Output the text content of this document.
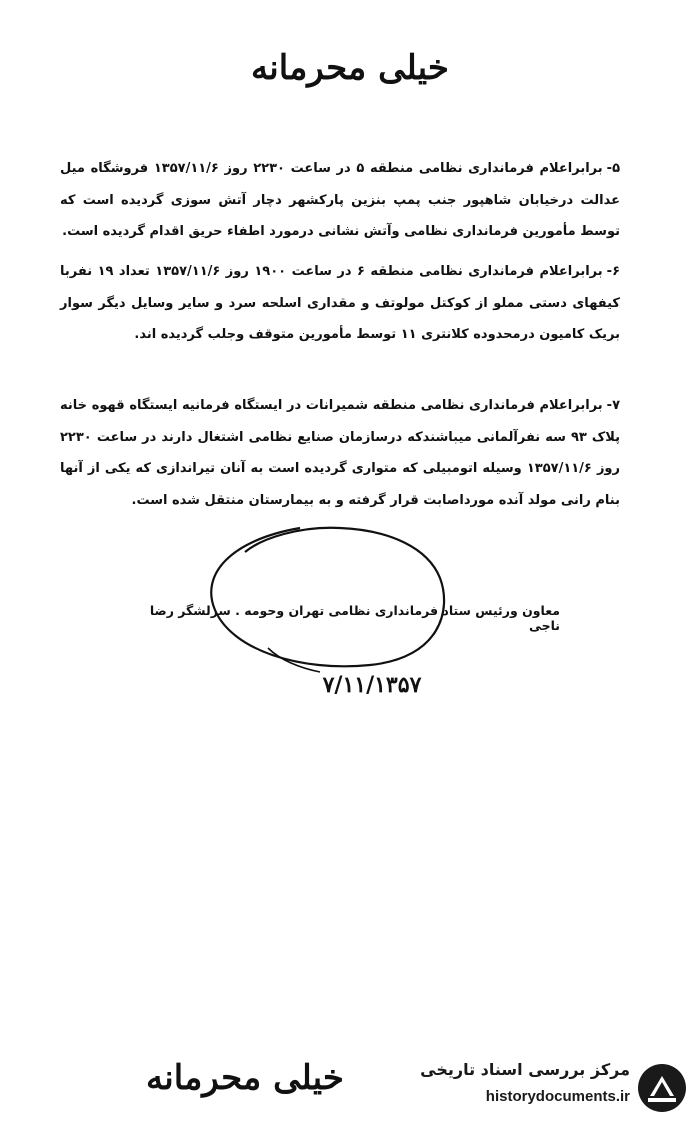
خیلی محرمانه
۵-برابراعلام فرمانداری نظامی منطقه ۵ در ساعت ۲۲۳۰ روز ۱۳۵۷/۱۱/۶ فروشگاه میل عدالت درخیابان شاهپور جنب پمپ بنزین پارکشهر دچار آتش سوزی گردیده است که توسط مأمورین فرمانداری نظامی وآتش نشانی درمورد اطفاء حریق اقدام گردیده است.
۶-برابراعلام فرمانداری نظامی منطقه ۶ در ساعت ۱۹۰۰ روز ۱۳۵۷/۱۱/۶ تعداد ۱۹ نفربا کیفهای دستی مملو از کوکتل مولوتف و مقداری اسلحه سرد و سایر وسایل دیگر سوار بریک کامیون درمحدوده کلانتری ۱۱ توسط مأمورین متوقف وجلب گردیده اند.
۷-برابراعلام فرمانداری نظامی منطقه شمیرانات در ایستگاه فرمانیه ایستگاه قهوه خانه پلاک ۹۳ سه نفرآلمانی میباشندکه درسازمان صنایع نظامی اشتغال دارند در ساعت ۲۲۳۰ روز ۱۳۵۷/۱۱/۶ وسیله اتومبیلی که متواری گردیده است به آنان تیراندازی که یکی از آنها بنام رانی مولد آنده مورداصابت قرار گرفته و به بیمارستان منتقل شده است.
معاون ورئیس ستاد فرمانداری نظامی تهران وحومه . سرلشگر رضا ناجی
۷/۱۱/۱۳۵۷
خیلی محرمانه	مرکز بررسی اسناد تاریخی
historydocuments.ir
